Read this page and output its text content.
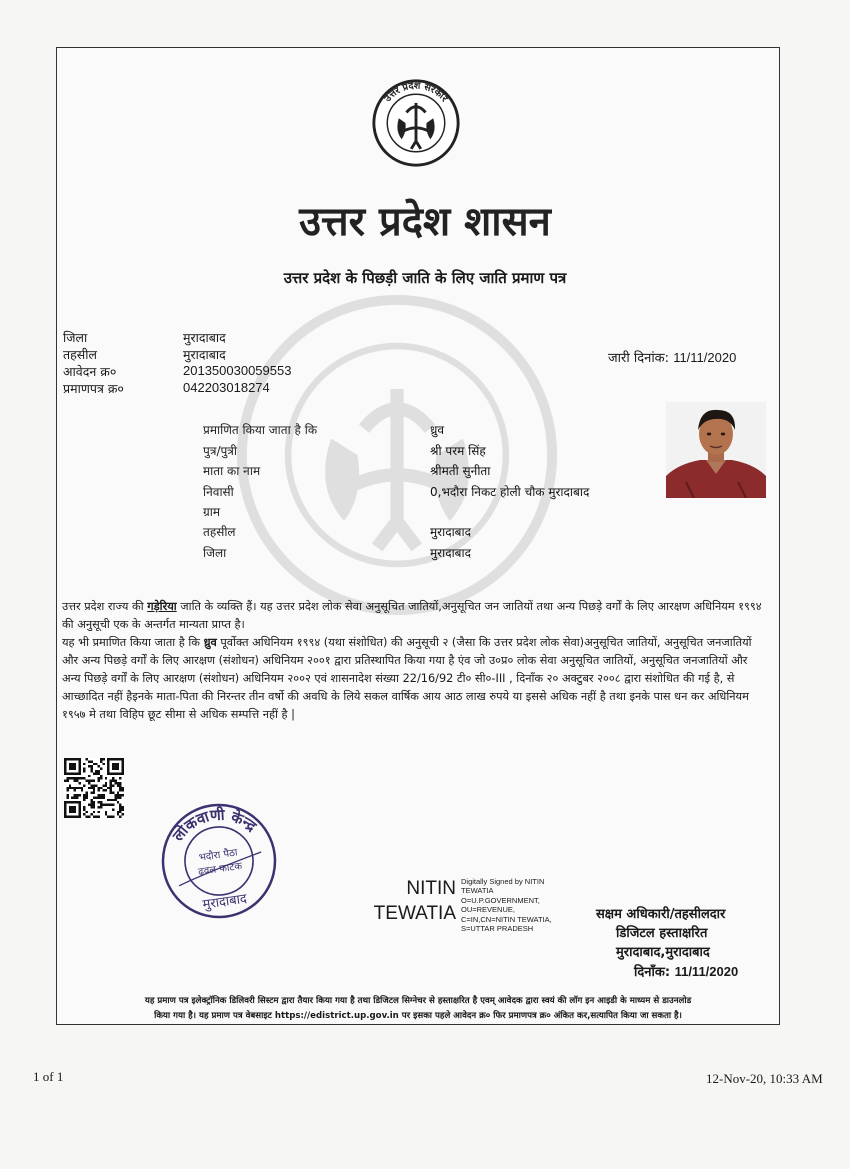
उत्तर प्रदेश सरकार
उत्तर प्रदेश शासन
उत्तर प्रदेश के पिछड़ी जाति के लिए जाति प्रमाण पत्र
जिला	मुरादाबाद
तहसील	मुरादाबाद
आवेदन क्र०	201350030059553
प्रमाणपत्र क्र०	042203018274
जारी दिनांक: 11/11/2020
प्रमाणित किया जाता है कि	ध्रुव
पुत्र/पुत्री	श्री परम सिंह
माता का नाम	श्रीमती सुनीता
निवासी	0,भदौरा निकट होली चौक मुरादाबाद
ग्राम
तहसील	मुरादाबाद
जिला	मुरादाबाद
उत्तर प्रदेश राज्य की गड़ेरिया जाति के व्यक्ति हैं। यह उत्तर प्रदेश लोक सेवा अनुसूचित जातियों,अनुसूचित जन जातियों तथा अन्य पिछड़े वर्गों के लिए आरक्षण अधिनियम १९९४ की अनुसूची एक के अन्तर्गत मान्यता प्राप्त है।
यह भी प्रमाणित किया जाता है कि ध्रुव पूर्वोक्त अधिनियम १९९४ (यथा संशोधित) की अनुसूची २ (जैसा कि उत्तर प्रदेश लोक सेवा)अनुसूचित जातियों, अनुसूचित जनजातियों और अन्य पिछड़े वर्गों के लिए आरक्षण (संशोधन) अधिनियम २००१ द्वारा प्रतिस्थापित किया गया है एंव जो उ०प्र० लोक सेवा अनुसूचित जातियों, अनुसूचित जनजातियों और अन्य पिछड़े वर्गों के लिए आरक्षण (संशोधन) अधिनियम २००२ एवं शासनादेश संख्या 22/16/92 टी० सी०-III , दिनाँक २० अक्टुबर २००८ द्वारा संशोधित की गई है, से आच्छादित नहीं हैइनके माता-पिता की निरन्तर तीन वर्षो की अवधि के लिये सकल वार्षिक आय आठ लाख रुपये या इससे अधिक नहीं है तथा इनके पास धन कर अधिनियम १९५७ मे तथा विहिप छूट सीमा से अधिक सम्पत्ति नहीं है |
लोकवाणी केन्द्र
भदौरा पैठा
ढवल फाटक
मुरादाबाद
NITIN
TEWATIA
Digitally Signed by NITIN
TEWATIA
O=U.P.GOVERNMENT,
OU=REVENUE,
C=IN,CN=NITIN TEWATIA,
S=UTTAR PRADESH
सक्षम अधिकारी/तहसीलदार
डिजिटल हस्ताक्षरित
मुरादाबाद,मुरादाबाद
दिनाँक: 11/11/2020
यह प्रमाण पत्र इलेक्ट्रॉनिक डिलिवरी सिस्टम द्वारा तैयार किया गया है तथा डिजिटल सिग्नेचर से हस्ताक्षरित है एवम् आवेदक द्वारा स्वयं की लॉग इन आइडी के माध्यम से डाउनलोड
किया गया है। यह प्रमाण पत्र वेबसाइट https://edistrict.up.gov.in पर इसका पहले आवेदन क्र० फिर प्रमाणपत्र क्र० अंकित कर,सत्यापित किया जा सकता है।
1 of 1	12-Nov-20, 10:33 AM
